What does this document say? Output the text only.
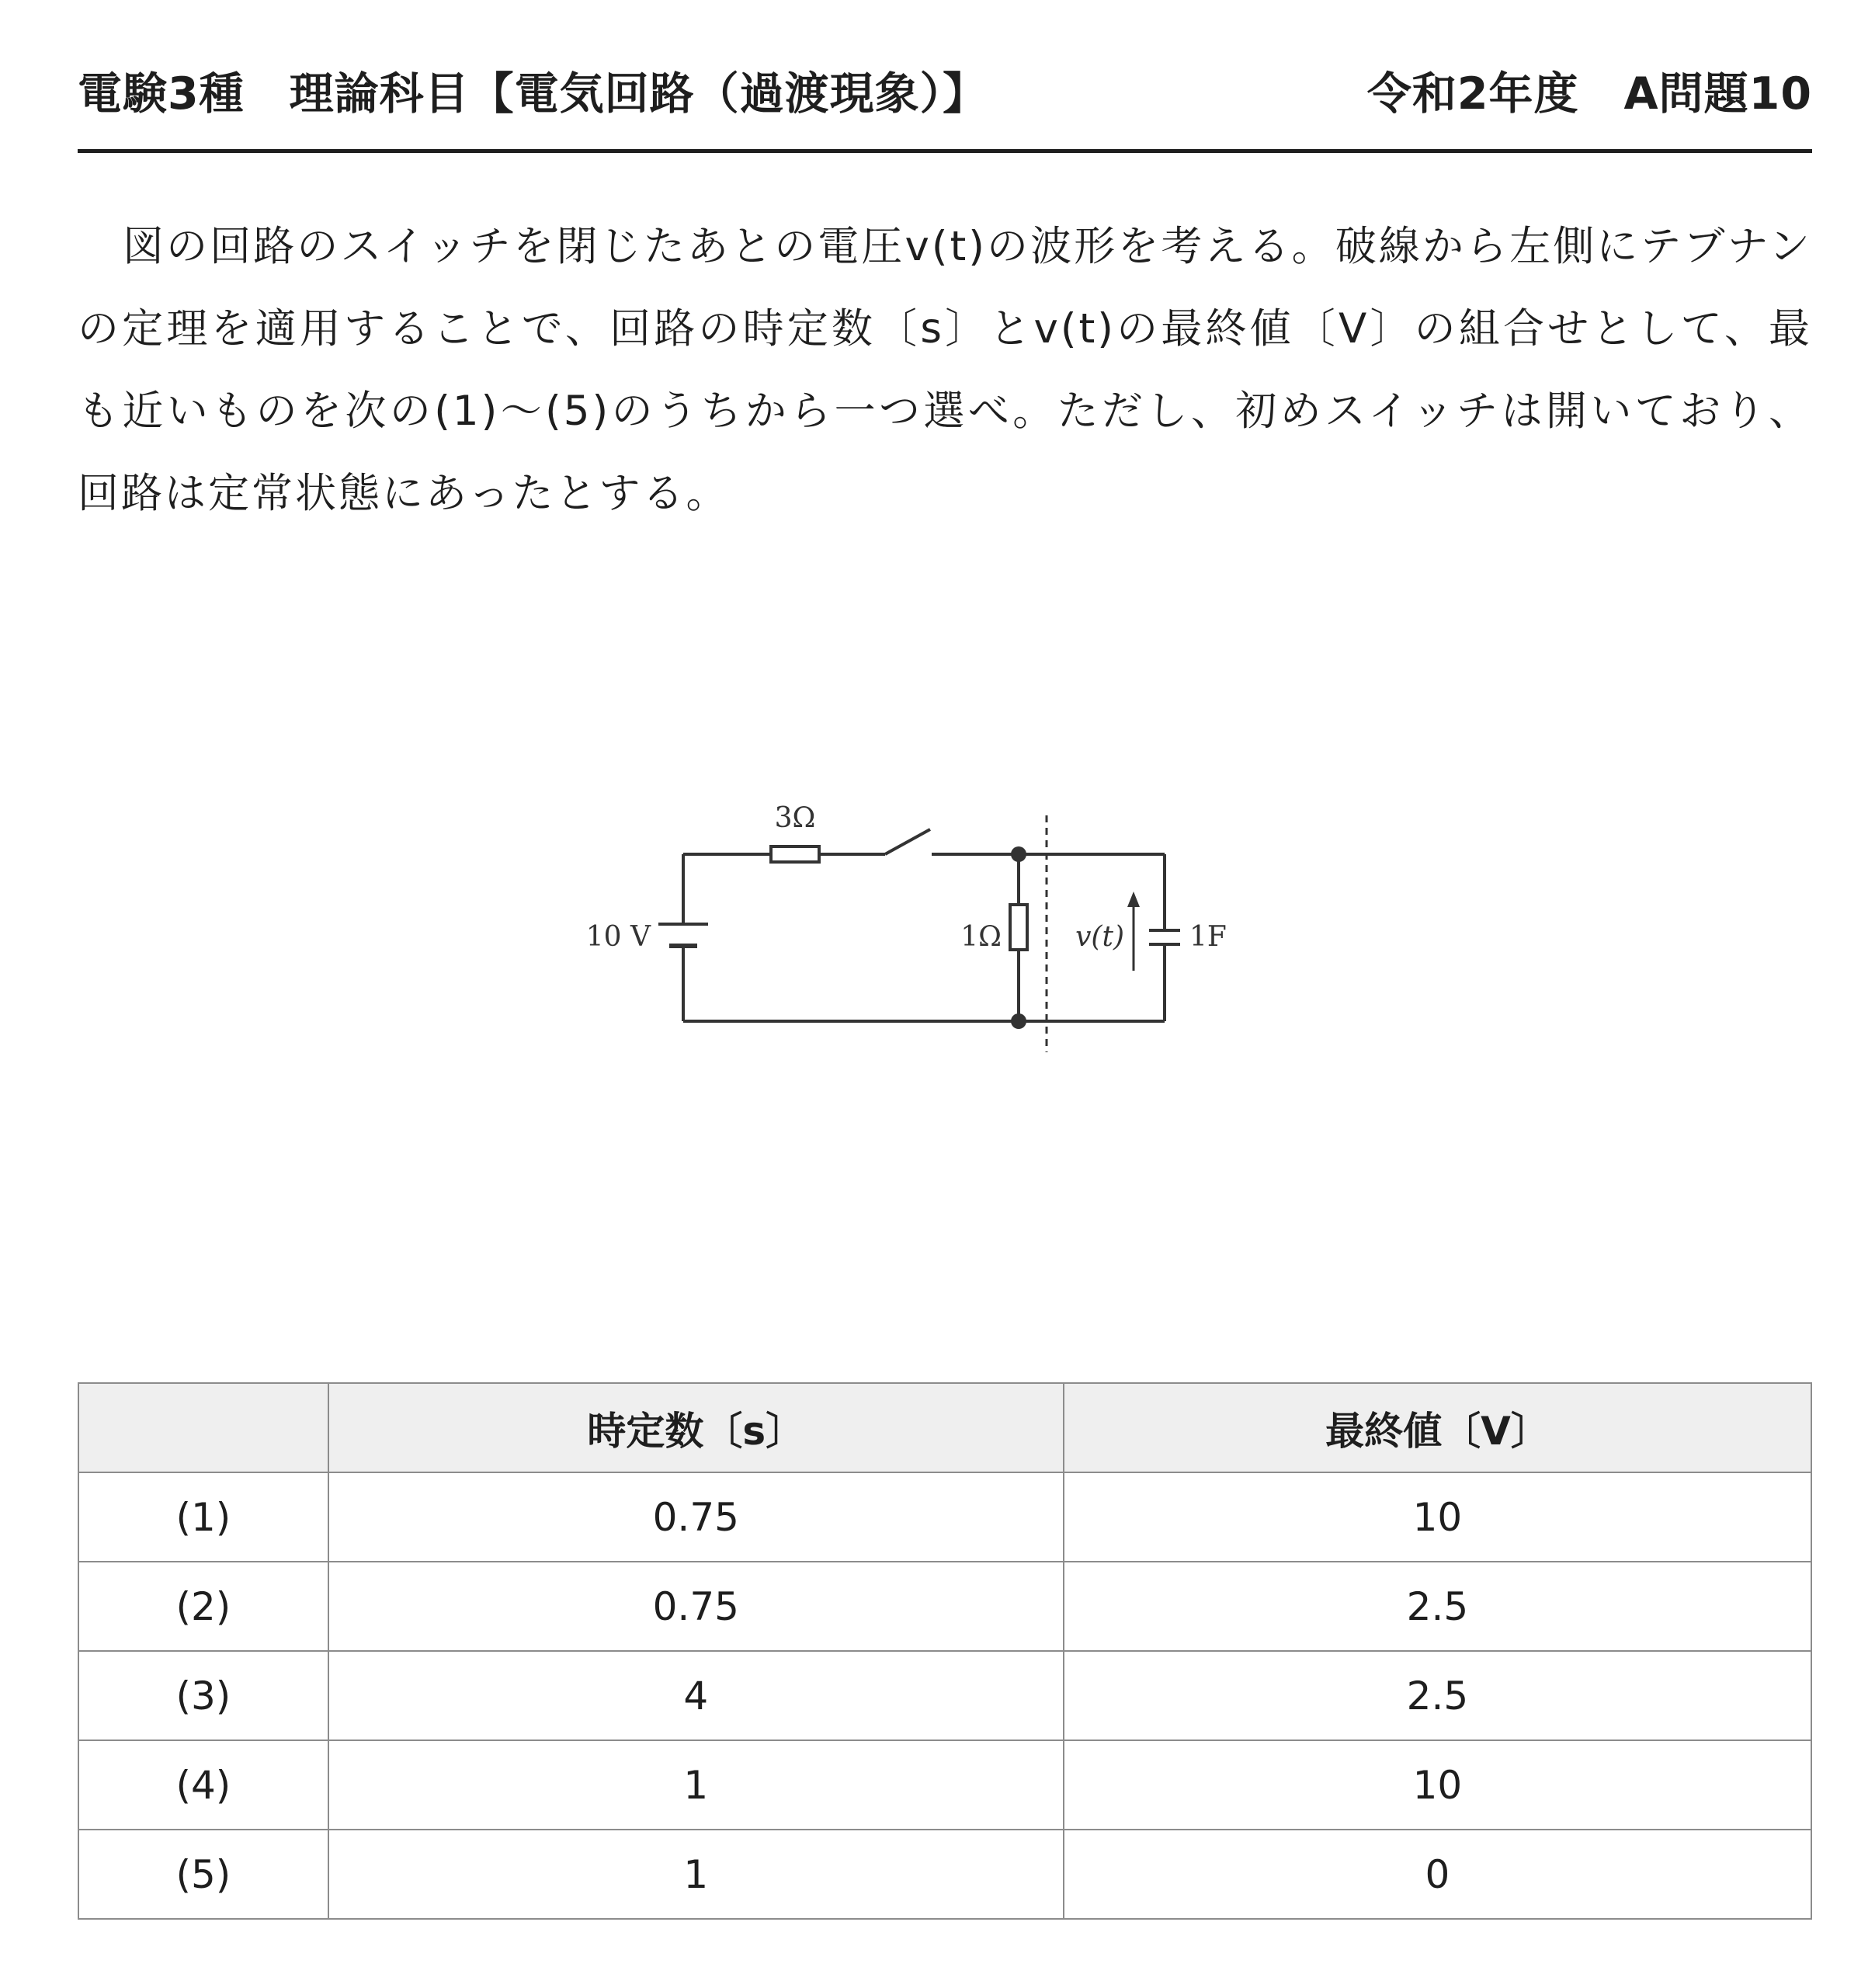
電験3種　理論科目【電気回路（過渡現象）】	令和2年度　A問題10

図の回路のスイッチを閉じたあとの電圧v(t)の波形を考える。破線から左側にテブナンの定理を適用することで、回路の時定数〔s〕とv(t)の最終値〔V〕の組合せとして、最も近いものを次の(1)～(5)のうちから一つ選べ。ただし、初めスイッチは開いており、回路は定常状態にあったとする。

3Ω
10 V	1Ω	v(t) 1F
	時定数〔s〕	最終値〔V〕
(1)	0.75	10
(2)	0.75	2.5
(3)	4	2.5
(4)	1	10
(5)	1	0
